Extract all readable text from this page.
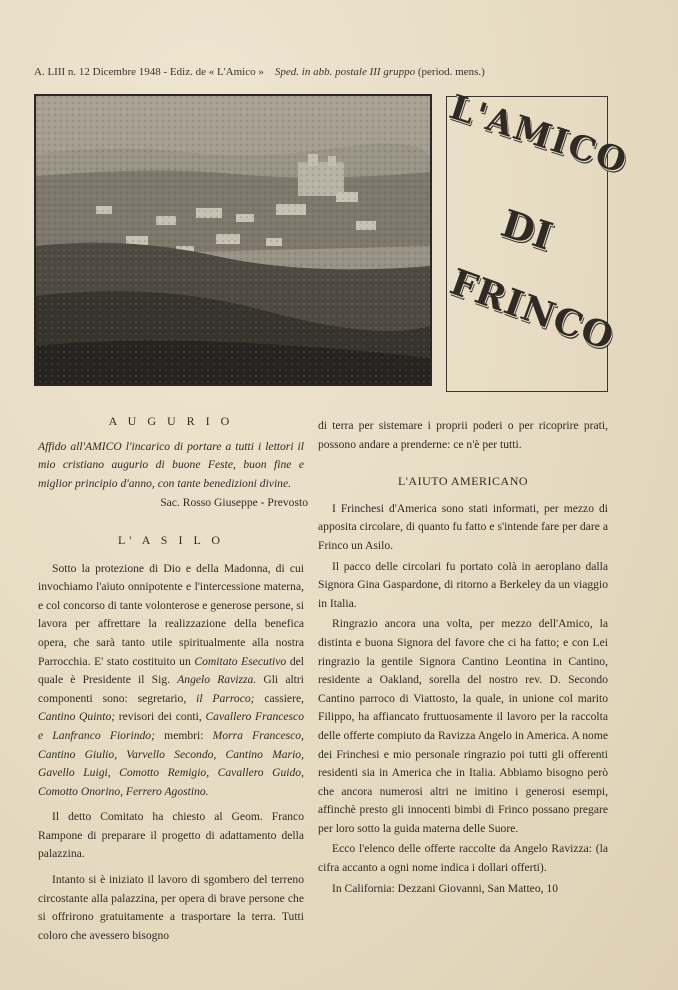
A. LIII n. 12 Dicembre 1948 - Ediz. de « L'Amico » Sped. in abb. postale III gruppo (period. mens.)
L'AMICO
DI
FRINCO
A U G U R I O

Affido all'AMICO l'incarico di portare a tutti i lettori il mio cristiano augurio di buone Feste, buon fine e miglior principio d'anno, con tante benedizioni divine.

Sac. Rosso Giuseppe - Prevosto

L' A S I L O

Sotto la protezione di Dio e della Madonna, di cui invochiamo l'aiuto onnipotente e l'intercessione materna, e col concorso di tante volonterose e generose persone, si lavora per affrettare la realizzazione della benefica opera, che sarà tanto utile spiritualmente alla nostra Parrocchia. E' stato costituito un Comitato Esecutivo del quale è Presidente il Sig. Angelo Ravizza. Gli altri componenti sono: segretario, il Parroco; cassiere, Cantino Quinto; revisori dei conti, Cavallero Francesco e Lanfranco Fiorindo; membri: Morra Francesco, Cantino Giulio, Varvello Secondo, Cantino Mario, Gavello Luigi, Comotto Remigio, Cavallero Guido, Comotto Onorino, Ferrero Agostino.

Il detto Comitato ha chiesto al Geom. Franco Rampone di preparare il progetto di adattamento della palazzina.

Intanto si è iniziato il lavoro di sgombero del terreno circostante alla palazzina, per opera di brave persone che si offrirono gratuitamente a trasportare la terra. Tutti coloro che avessero bisogno

di terra per sistemare i proprii poderi o per ricoprire prati, possono andare a prenderne: ce n'è per tutti.

L'AIUTO AMERICANO

I Frinchesi d'America sono stati informati, per mezzo di apposita circolare, di quanto fu fatto e s'intende fare per dare a Frinco un Asilo.

Il pacco delle circolari fu portato colà in aeroplano dalla Signora Gina Gaspardone, di ritorno a Berkeley da un viaggio in Italia.

Ringrazio ancora una volta, per mezzo dell'Amico, la distinta e buona Signora del favore che ci ha fatto; e con Lei ringrazio la gentile Signora Cantino Leontina in Cantino, residente a Oakland, sorella del nostro rev. D. Secondo Cantino parroco di Viattosto, la quale, in unione col marito Filippo, ha affiancato fruttuosamente il lavoro per la raccolta delle offerte compiuto da Ravizza Angelo in America. A nome dei Frinchesi e mio personale ringrazio poi tutti gli offerenti residenti sia in America che in Italia. Abbiamo bisogno però che ancora numerosi altri ne imitino i generosi esempi, affinchè presto gli innocenti bimbi di Frinco possano pregare per loro sotto la guida materna delle Suore.

Ecco l'elenco delle offerte raccolte da Angelo Ravizza: (la cifra accanto a ogni nome indica i dollari offerti).

In California: Dezzani Giovanni, San Matteo, 10
